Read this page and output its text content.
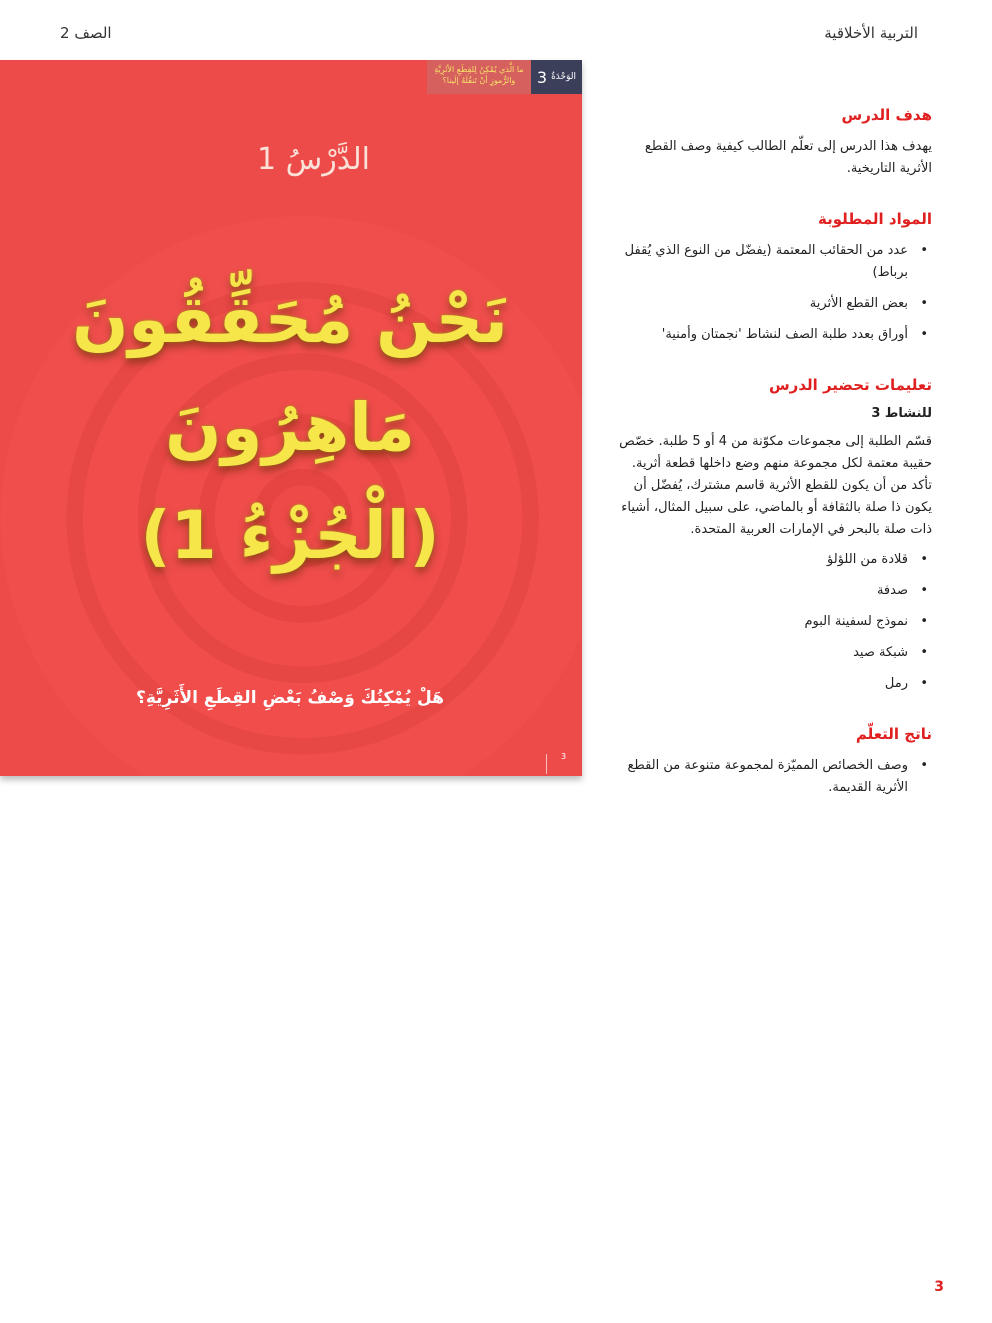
التربية الأخلاقية
الصف 2
الوَحْدَةُ
3
ما الَّذي يُمْكِنُ لِلقِطَعِ الأثَرِيَّةِ والرُّموزِ أنْ تَنقُلَهُ إلَينا؟
الدَّرْسُ 1
نَحْنُ مُحَقِّقُونَ
مَاهِرُونَ
(الْجُزْءُ 1)
هَلْ يُمْكِنُكَ وَصْفُ بَعْضِ القِطَعِ الأَثَرِيَّةِ؟
3
هدف الدرس

يهدف هذا الدرس إلى تعلّم الطالب كيفية وصف القطع الأثرية التاريخية.

المواد المطلوبة
•
عدد من الحقائب المعتمة (يفضّل من النوع الذي يُقفل برباط)
•
بعض القطع الأثرية
•
أوراق بعدد طلبة الصف لنشاط 'نجمتان وأمنية'
تعليمات تحضير الدرس
للنشاط 3

قسّم الطلبة إلى مجموعات مكوّنة من 4 أو 5 طلبة. خصّص حقيبة معتمة لكل مجموعة منهم وضع داخلها قطعة أثرية. تأكد من أن يكون للقطع الأثرية قاسم مشترك، يُفضّل أن يكون ذا صلة بالثقافة أو بالماضي، على سبيل المثال، أشياء ذات صلة بالبحر في الإمارات العربية المتحدة.

•
قلادة من اللؤلؤ
•
صدفة
•
نموذج لسفينة البوم
•
شبكة صيد
•
رمل
ناتج التعلّم
•
وصف الخصائص المميّزة لمجموعة متنوعة من القطع الأثرية القديمة.
3
